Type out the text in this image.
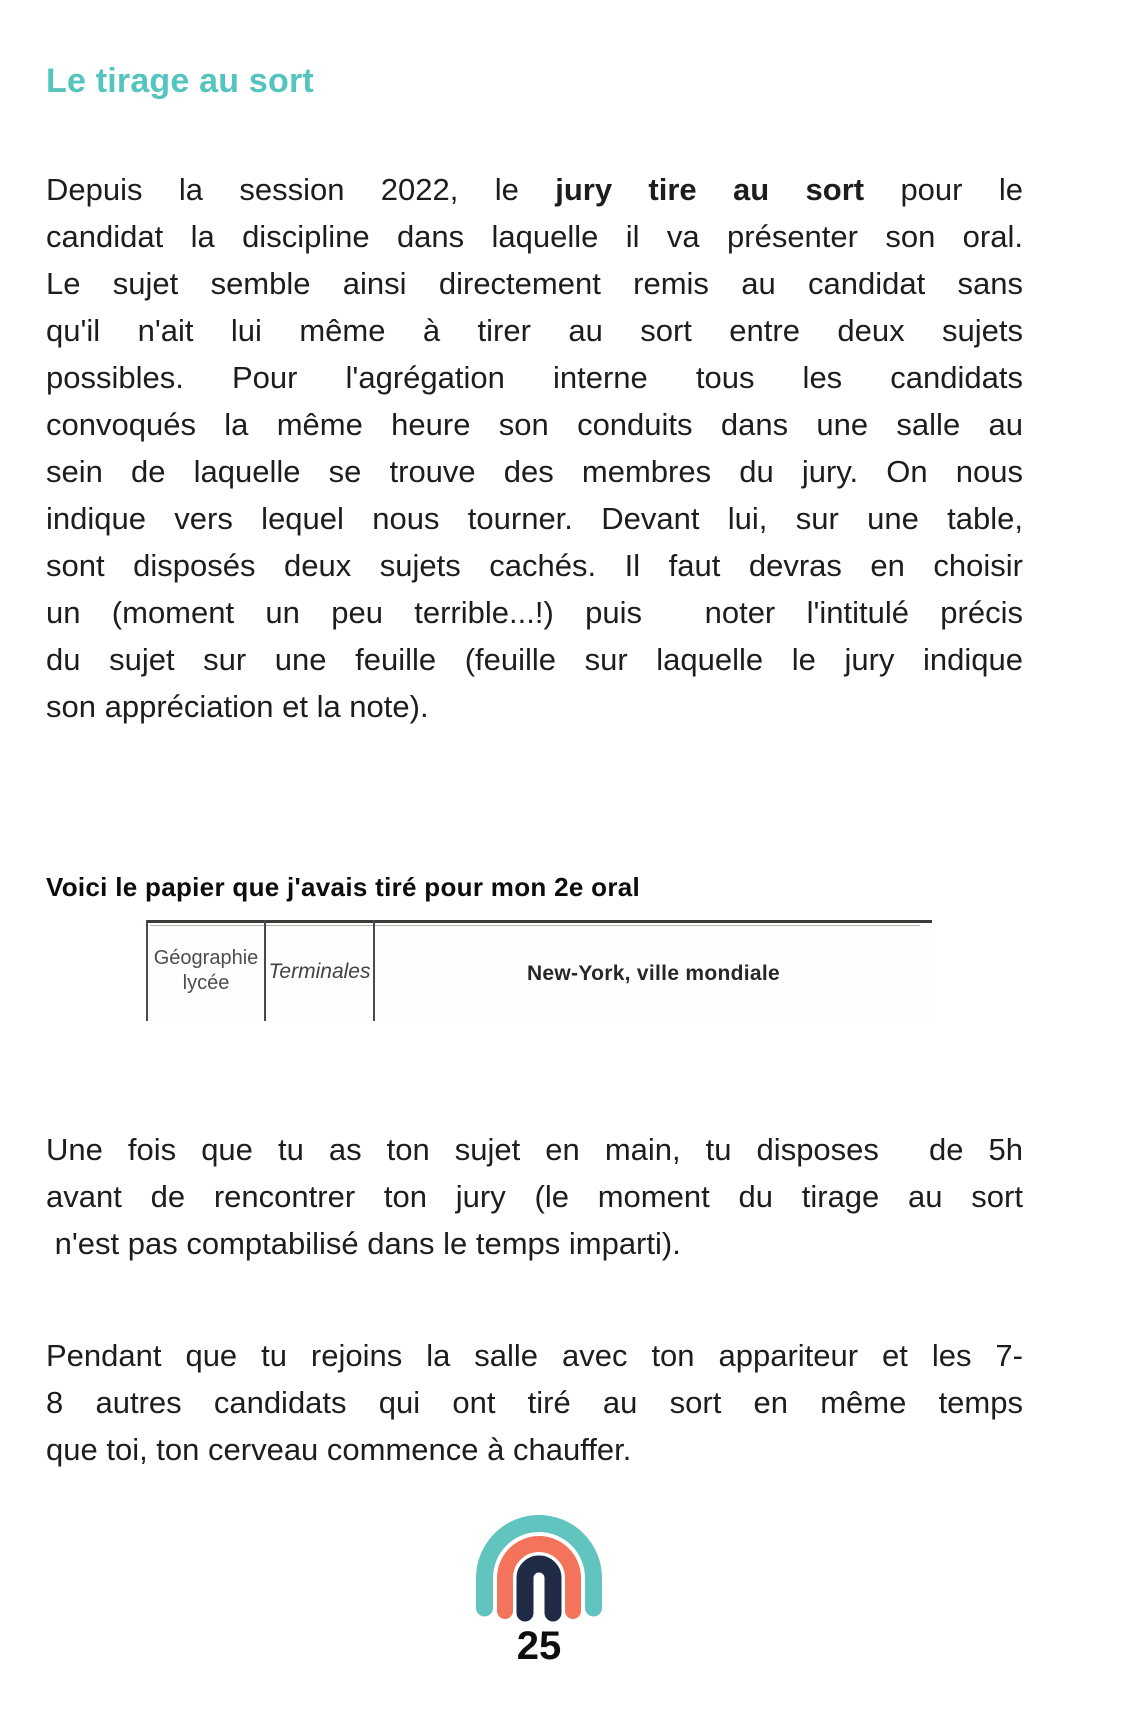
Le tirage au sort
Depuis la session 2022, le jury tire au sort pour le
candidat la discipline dans laquelle il va présenter son oral.
Le sujet semble ainsi directement remis au candidat sans
qu'il n'ait lui même à tirer au sort entre deux sujets
possibles. Pour l'agrégation interne tous les candidats
convoqués la même heure son conduits dans une salle au
sein de laquelle se trouve des membres du jury. On nous
indique vers lequel nous tourner. Devant lui, sur une table,
sont disposés deux sujets cachés. Il faut devras en choisir
un (moment un peu terrible...!) puis  noter l'intitulé précis
du sujet sur une feuille (feuille sur laquelle le jury indique
son appréciation et la note).
Voici le papier que j'avais tiré pour mon 2e oral
Géographie
lycée	Terminales	New-York, ville mondiale
Une fois que tu as ton sujet en main, tu disposes  de 5h
avant de rencontrer ton jury (le moment du tirage au sort
n'est pas comptabilisé dans le temps imparti).
Pendant que tu rejoins la salle avec ton appariteur et les 7-
8 autres candidats qui ont tiré au sort en même temps
que toi, ton cerveau commence à chauffer.
25
